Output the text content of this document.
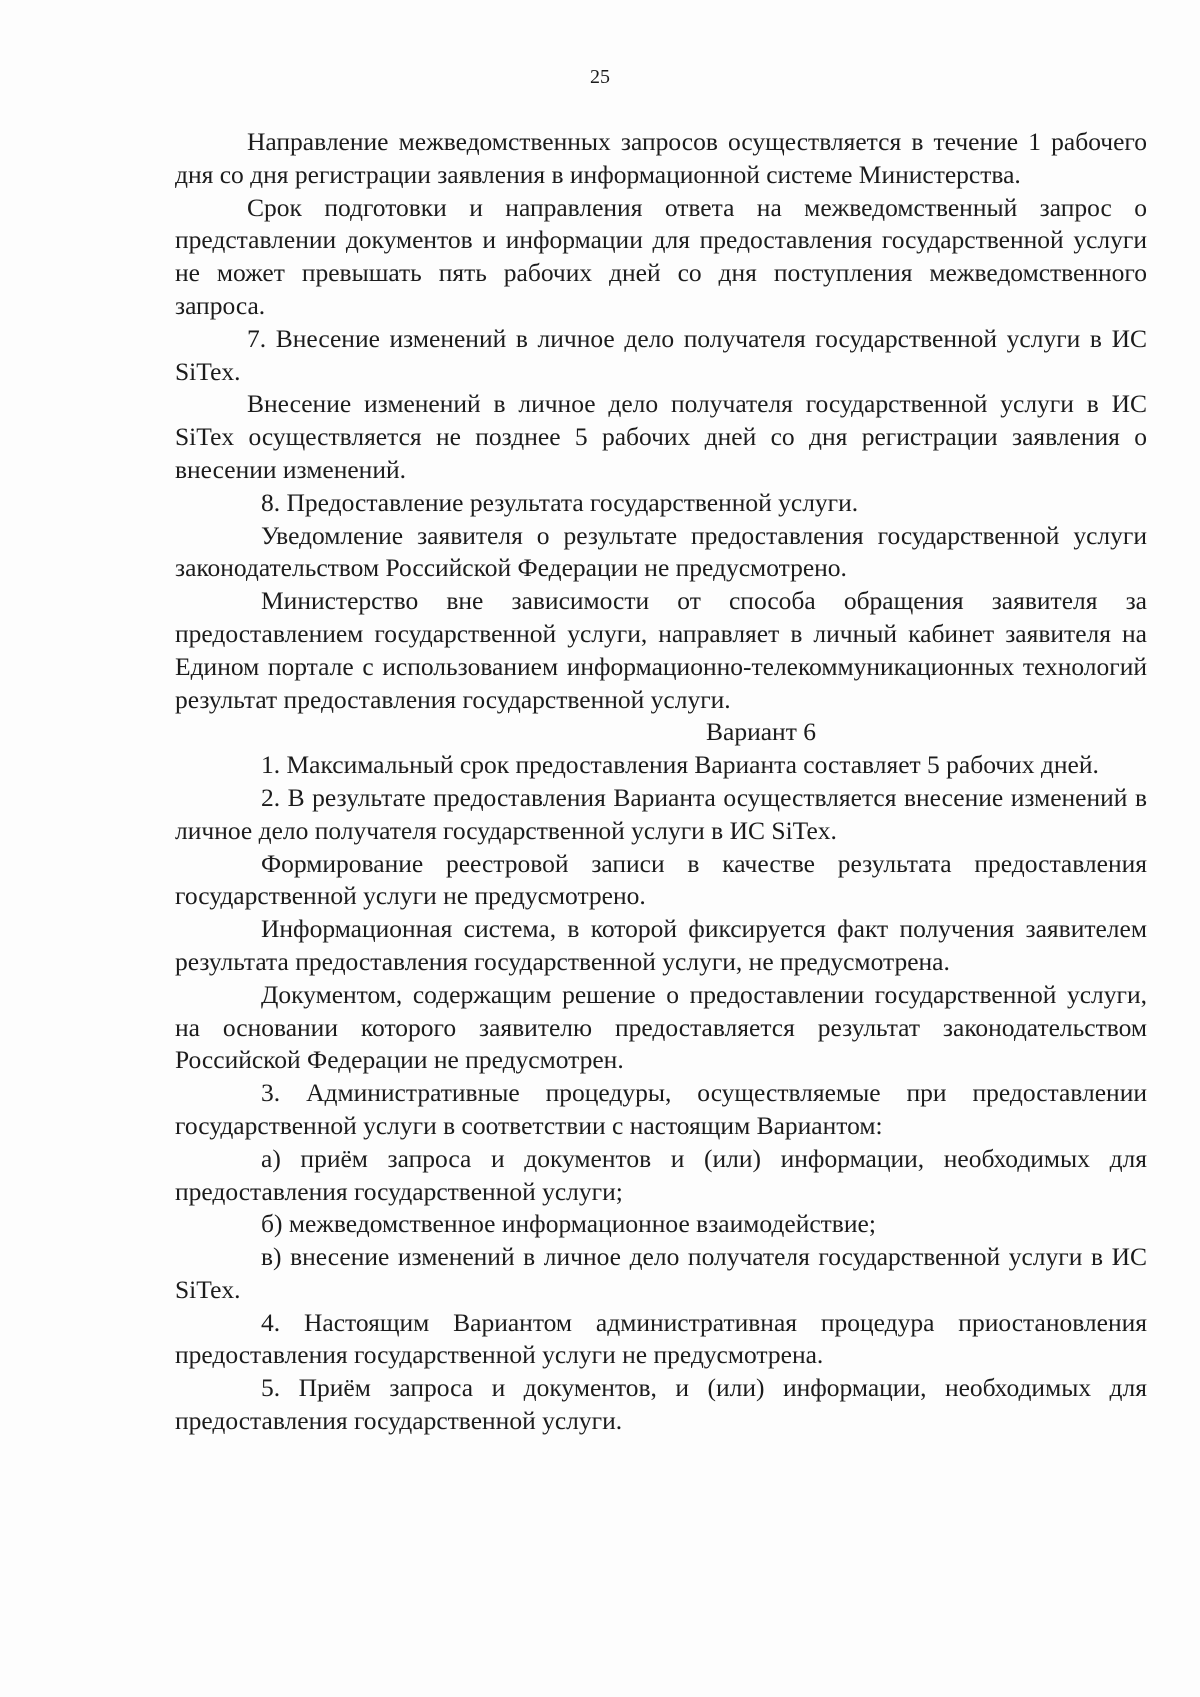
25

Направление межведомственных запросов осуществляется в течение 1 рабочего дня со дня регистрации заявления в информационной системе Министерства.

Срок подготовки и направления ответа на межведомственный запрос о представлении документов и информации для предоставления государственной услуги не может превышать пять рабочих дней со дня поступления межведомственного запроса.

7. Внесение изменений в личное дело получателя государственной услуги в ИС SiTex.

Внесение изменений в личное дело получателя государственной услуги в ИС SiTex осуществляется не позднее 5 рабочих дней со дня регистрации заявления о внесении изменений.

8. Предоставление результата государственной услуги.

Уведомление заявителя о результате предоставления государственной услуги законодательством Российской Федерации не предусмотрено.

Министерство вне зависимости от способа обращения заявителя за предоставлением государственной услуги, направляет в личный кабинет заявителя на Едином портале с использованием информационно-телекоммуникационных технологий результат предоставления государственной услуги.

Вариант 6

1. Максимальный срок предоставления Варианта составляет 5 рабочих дней.

2. В результате предоставления Варианта осуществляется внесение изменений в личное дело получателя государственной услуги в ИС SiTex.

Формирование реестровой записи в качестве результата предоставления государственной услуги не предусмотрено.

Информационная система, в которой фиксируется факт получения заявителем результата предоставления государственной услуги, не предусмотрена.

Документом, содержащим решение о предоставлении государственной услуги, на основании которого заявителю предоставляется результат законодательством Российской Федерации не предусмотрен.

3. Административные процедуры, осуществляемые при предоставлении государственной услуги в соответствии с настоящим Вариантом:

а) приём запроса и документов и (или) информации, необходимых для предоставления государственной услуги;

б) межведомственное информационное взаимодействие;

в) внесение изменений в личное дело получателя государственной услуги в ИС SiTex.

4. Настоящим Вариантом административная процедура приостановления предоставления государственной услуги не предусмотрена.

5. Приём запроса и документов, и (или) информации, необходимых для предоставления государственной услуги.
